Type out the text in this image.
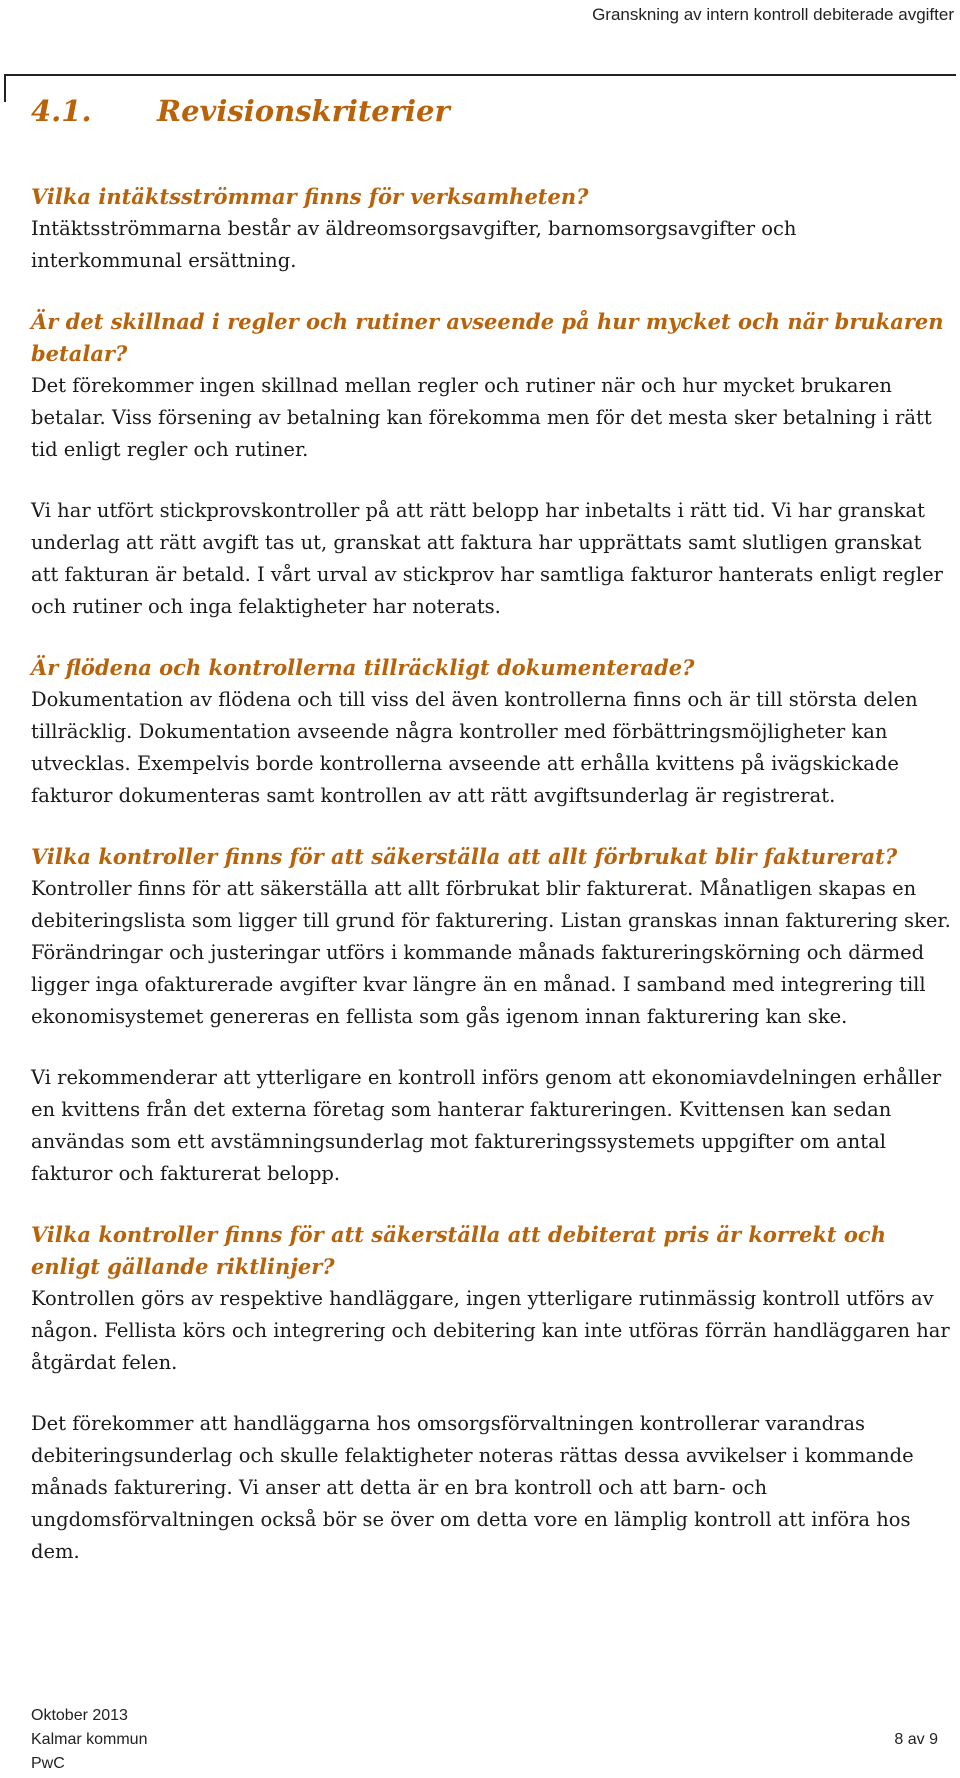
Granskning av intern kontroll debiterade avgifter
4.1. Revisionskriterier

Vilka intäktsströmmar finns för verksamheten?

Intäktsströmmarna består av äldreomsorgsavgifter, barnomsorgsavgifter och interkommunal ersättning.

Är det skillnad i regler och rutiner avseende på hur mycket och när brukaren betalar?

Det förekommer ingen skillnad mellan regler och rutiner när och hur mycket brukaren betalar. Viss försening av betalning kan förekomma men för det mesta sker betalning i rätt tid enligt regler och rutiner.

Vi har utfört stickprovskontroller på att rätt belopp har inbetalts i rätt tid. Vi har granskat underlag att rätt avgift tas ut, granskat att faktura har upprättats samt slutligen granskat att fakturan är betald. I vårt urval av stickprov har samtliga fakturor hanterats enligt regler och rutiner och inga felaktigheter har noterats.

Är flödena och kontrollerna tillräckligt dokumenterade?

Dokumentation av flödena och till viss del även kontrollerna finns och är till största delen tillräcklig. Dokumentation avseende några kontroller med förbättringsmöjligheter kan utvecklas. Exempelvis borde kontrollerna avseende att erhålla kvittens på ivägskickade fakturor dokumenteras samt kontrollen av att rätt avgiftsunderlag är registrerat.

Vilka kontroller finns för att säkerställa att allt förbrukat blir fakturerat?

Kontroller finns för att säkerställa att allt förbrukat blir fakturerat. Månatligen skapas en debiteringslista som ligger till grund för fakturering. Listan granskas innan fakturering sker. Förändringar och justeringar utförs i kommande månads faktureringskörning och därmed ligger inga ofakturerade avgifter kvar längre än en månad. I samband med integrering till ekonomisystemet genereras en fellista som gås igenom innan fakturering kan ske.

Vi rekommenderar att ytterligare en kontroll införs genom att ekonomiavdelningen erhåller en kvittens från det externa företag som hanterar faktureringen. Kvittensen kan sedan användas som ett avstämningsunderlag mot faktureringssystemets uppgifter om antal fakturor och fakturerat belopp.

Vilka kontroller finns för att säkerställa att debiterat pris är korrekt och enligt gällande riktlinjer?

Kontrollen görs av respektive handläggare, ingen ytterligare rutinmässig kontroll utförs av någon. Fellista körs och integrering och debitering kan inte utföras förrän handläggaren har åtgärdat felen.

Det förekommer att handläggarna hos omsorgsförvaltningen kontrollerar varandras debiteringsunderlag och skulle felaktigheter noteras rättas dessa avvikelser i kommande månads fakturering. Vi anser att detta är en bra kontroll och att barn- och ungdomsförvaltningen också bör se över om detta vore en lämplig kontroll att införa hos dem.

Oktober 2013
Kalmar kommun
PwC
8 av 9
